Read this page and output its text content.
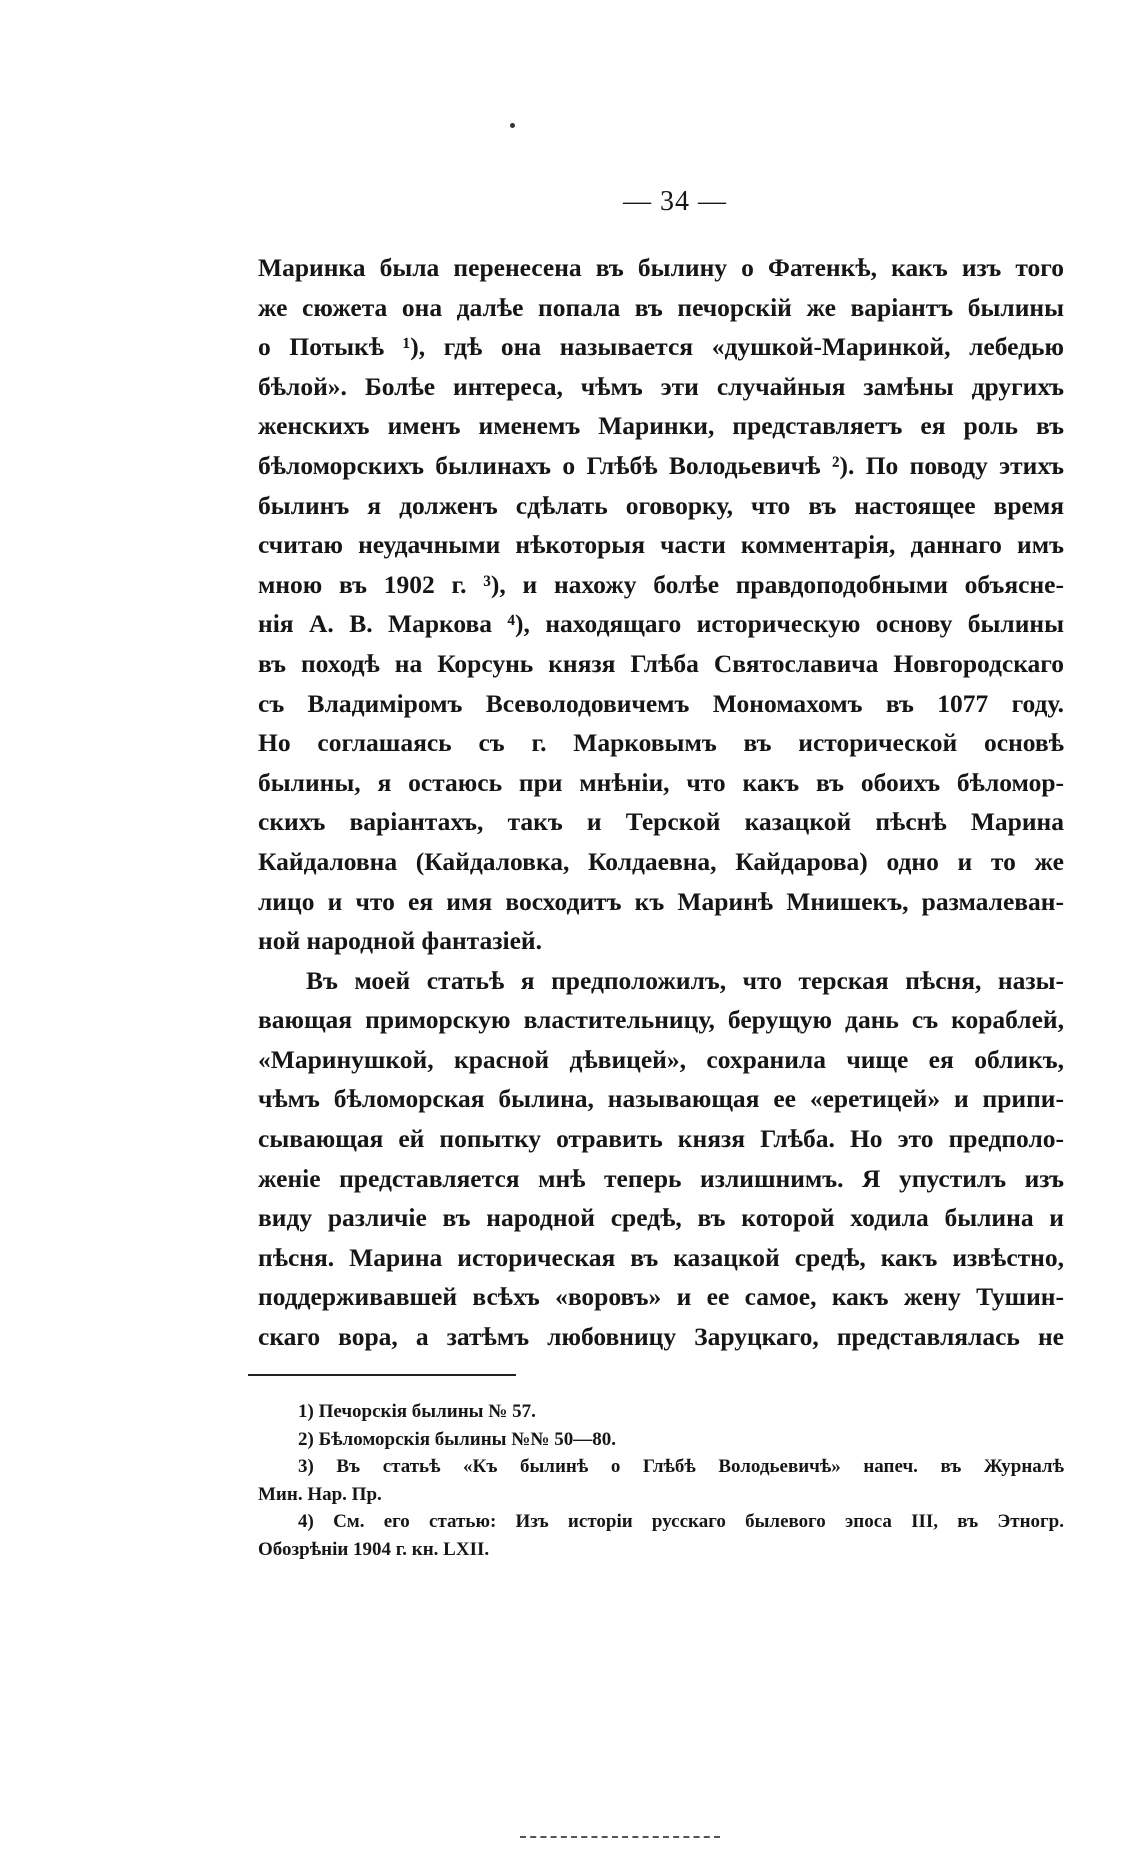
— 34 —
Маринка была перенесена въ былину о Фатенкѣ, какъ изъ того
же сюжета она далѣе попала въ печорскій же варіантъ былины
о Потыкѣ ¹), гдѣ она называется «душкой-Маринкой, лебедью
бѣлой». Болѣе интереса, чѣмъ эти случайныя замѣны другихъ
женскихъ именъ именемъ Маринки, представляетъ ея роль въ
бѣломорскихъ былинахъ о Глѣбѣ Володьевичѣ ²). По поводу этихъ
былинъ я долженъ сдѣлать оговорку, что въ настоящее время
считаю неудачными нѣкоторыя части комментарія, даннаго имъ
мною въ 1902 г. ³), и нахожу болѣе правдоподобными объясне-
нія А. В. Маркова ⁴), находящаго историческую основу былины
въ походѣ на Корсунь князя Глѣба Святославича Новгородскаго
съ Владиміромъ Всеволодовичемъ Мономахомъ въ 1077 году.
Но соглашаясь съ г. Марковымъ въ исторической основѣ
былины, я остаюсь при мнѣніи, что какъ въ обоихъ бѣломор-
скихъ варіантахъ, такъ и Терской казацкой пѣснѣ Марина
Кайдаловна (Кайдаловка, Колдаевна, Кайдарова) одно и то же
лицо и что ея имя восходитъ къ Маринѣ Мнишекъ, размалеван-
ной народной фантазіей.
Въ моей статьѣ я предположилъ, что терская пѣсня, назы-
вающая приморскую властительницу, берущую дань съ кораблей,
«Маринушкой, красной дѣвицей», сохранила чище ея обликъ,
чѣмъ бѣломорская былина, называющая ее «еретицей» и припи-
сывающая ей попытку отравить князя Глѣба. Но это предполо-
женіе представляется мнѣ теперь излишнимъ. Я упустилъ изъ
виду различіе въ народной средѣ, въ которой ходила былина и
пѣсня. Марина историческая въ казацкой средѣ, какъ извѣстно,
поддерживавшей всѣхъ «воровъ» и ее самое, какъ жену Тушин-
скаго вора, а затѣмъ любовницу Заруцкаго, представлялась не
1) Печорскія былины № 57.
2) Бѣломорскія былины №№ 50—80.
3) Въ статьѣ «Къ былинѣ о Глѣбѣ Володьевичѣ» напеч. въ Журналѣ
Мин. Нар. Пр.
4) См. его статью: Изъ исторіи русскаго былевого эпоса III, въ Этногр.
Обозрѣніи 1904 г. кн. LXII.
